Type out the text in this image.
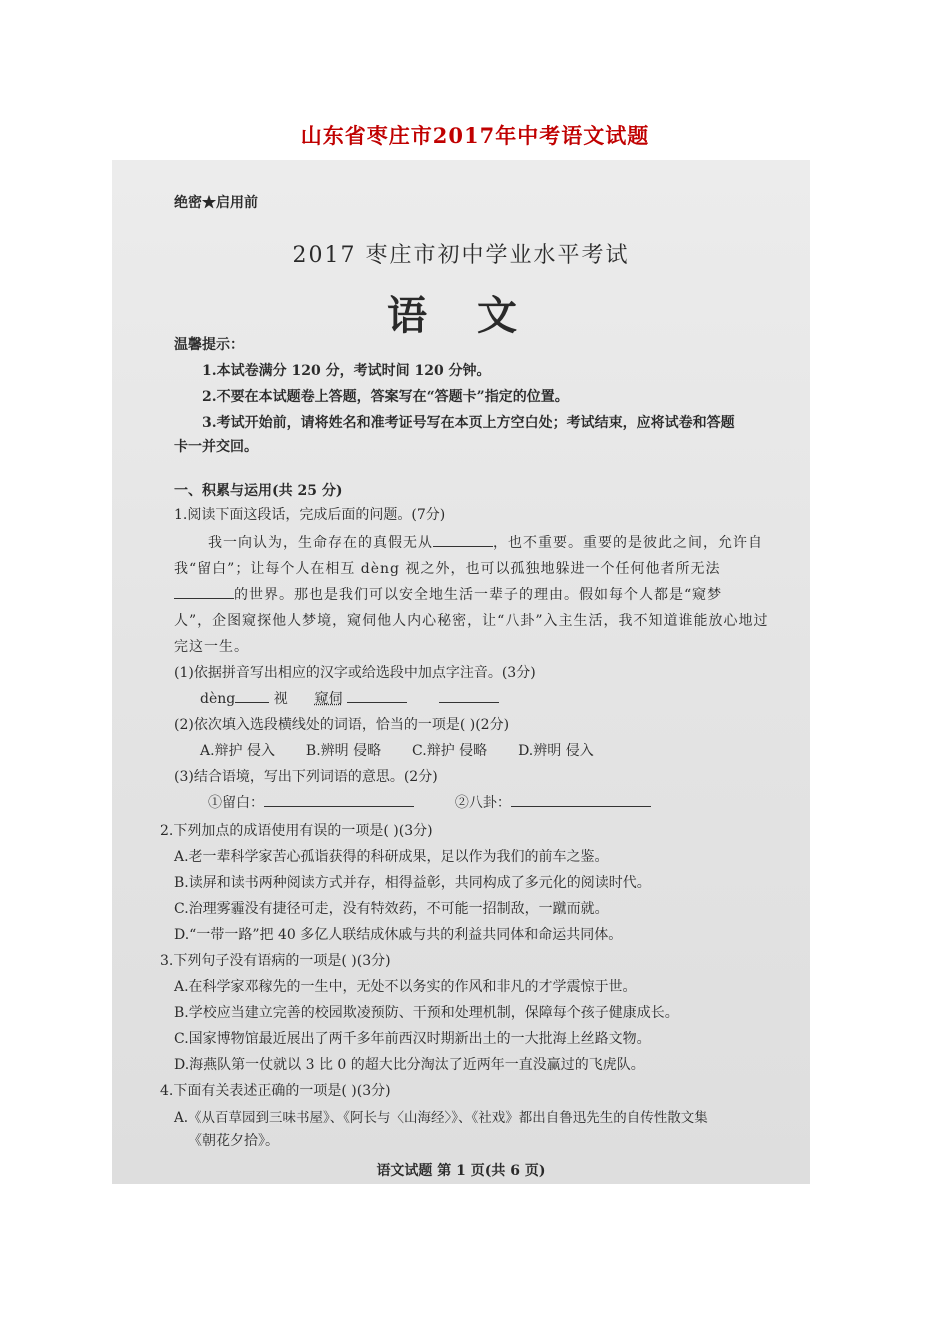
山东省枣庄市2017年中考语文试题
绝密★启用前
2017 枣庄市初中学业水平考试
语 文
温馨提示：
1.本试卷满分 120 分，考试时间 120 分钟。
2.不要在本试题卷上答题，答案写在“答题卡”指定的位置。
3.考试开始前，请将姓名和准考证号写在本页上方空白处；考试结束，应将试卷和答题
卡一并交回。
一、积累与运用(共 25 分)
1.阅读下面这段话，完成后面的问题。(7分)
我一向认为，生命存在的真假无从	，也不重要。重要的是彼此之间，允许自
我“留白”；让每个人在相互 dèng 视之外，也可以孤独地躲进一个任何他者所无法
的世界。那也是我们可以安全地生活一辈子的理由。假如每个人都是“窥梦
人”，企图窥探他人梦境，窥伺他人内心秘密，让“八卦”入主生活，我不知道谁能放心地过
完这一生。
(1)依据拼音写出相应的汉字或给选段中加点字注音。(3分)
dèng	视 窥伺
(2)依次填入选段横线处的词语，恰当的一项是( )(2分)
A.辩护 侵入 B.辨明 侵略 C.辩护 侵略 D.辨明 侵入
(3)结合语境，写出下列词语的意思。(2分)
①留白：	②八卦：
2.下列加点的成语使用有误的一项是( )(3分)
A.老一辈科学家苦心孤诣获得的科研成果，足以作为我们的前车之鉴。
B.读屏和读书两种阅读方式并存，相得益彰，共同构成了多元化的阅读时代。
C.治理雾霾没有捷径可走，没有特效药，不可能一招制敌，一蹴而就。
D.“一带一路”把 40 多亿人联结成休戚与共的利益共同体和命运共同体。
3.下列句子没有语病的一项是( )(3分)
A.在科学家邓稼先的一生中，无处不以务实的作风和非凡的才学震惊于世。
B.学校应当建立完善的校园欺凌预防、干预和处理机制，保障每个孩子健康成长。
C.国家博物馆最近展出了两千多年前西汉时期新出土的一大批海上丝路文物。
D.海燕队第一仗就以 3 比 0 的超大比分淘汰了近两年一直没赢过的飞虎队。
4.下面有关表述正确的一项是( )(3分)
A.《从百草园到三味书屋》、《阿长与〈山海经〉》、《社戏》都出自鲁迅先生的自传性散文集
《朝花夕拾》。
语文试题 第 1 页(共 6 页)
